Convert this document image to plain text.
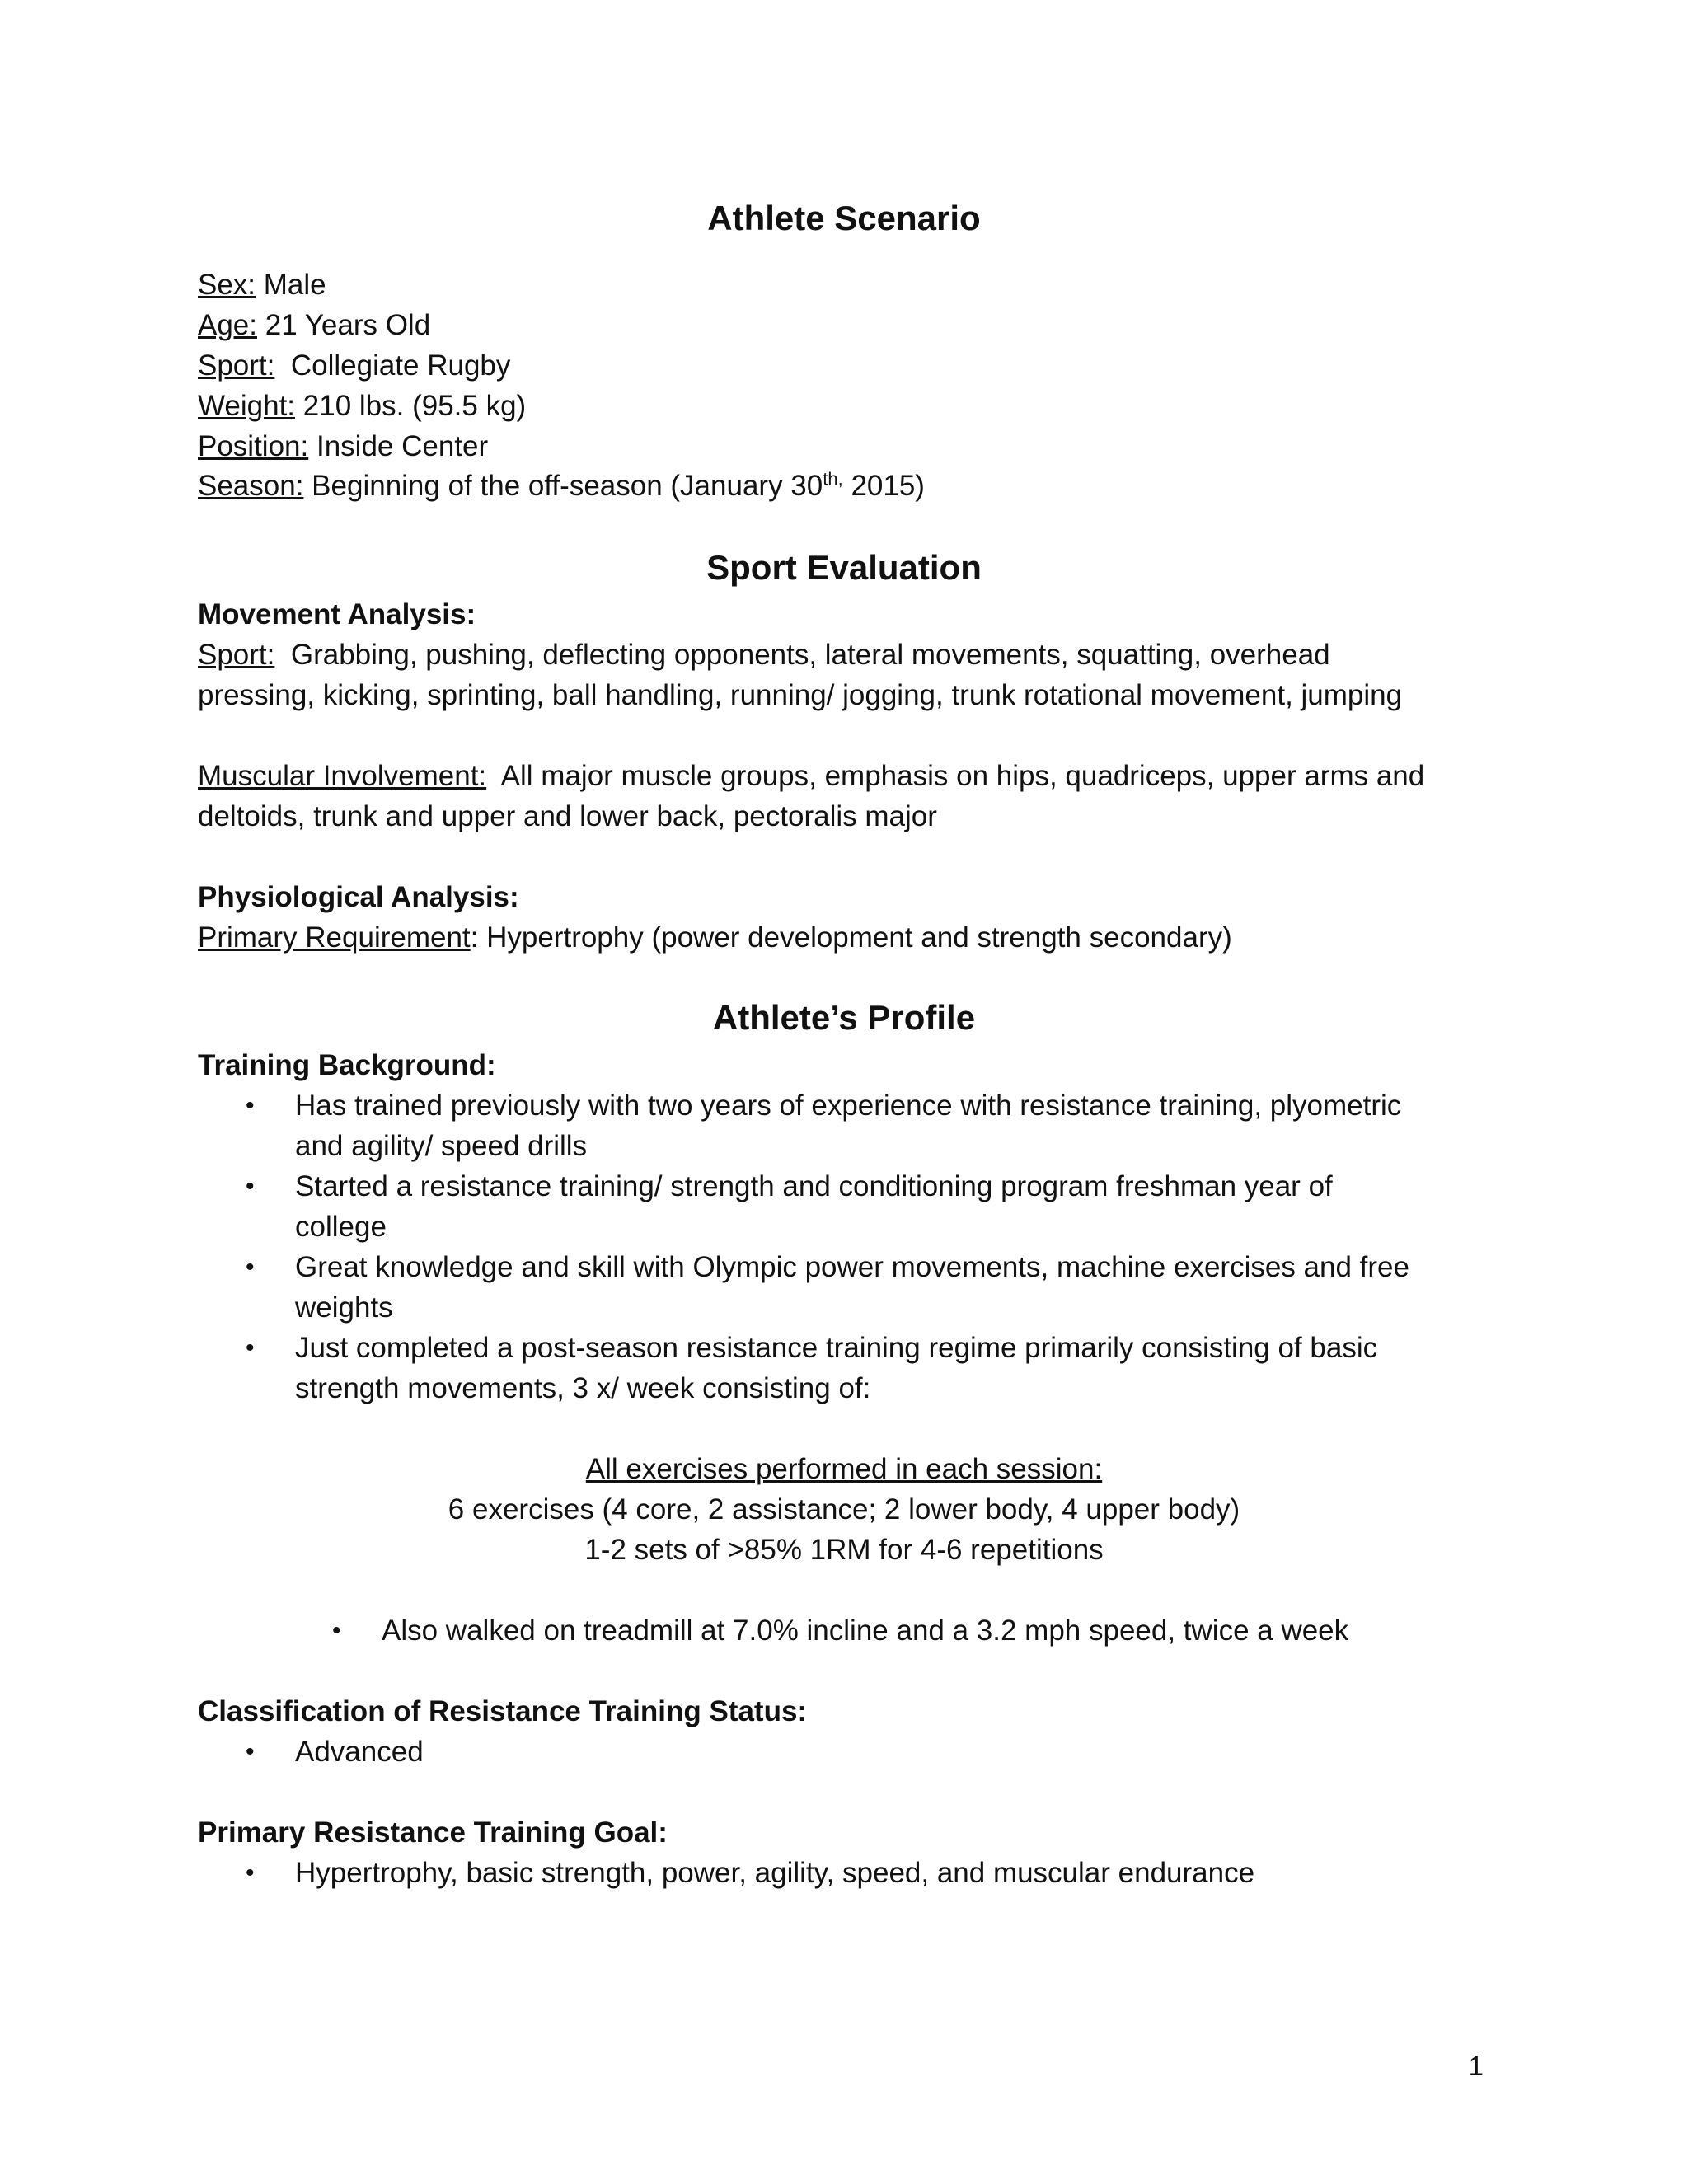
Athlete Scenario
Sex: Male
Age: 21 Years Old
Sport: Collegiate Rugby
Weight: 210 lbs. (95.5 kg)
Position: Inside Center
Season: Beginning of the off-season (January $30^{th,}$ 2015)
Sport Evaluation
Movement Analysis:
Sport: Grabbing, pushing, deflecting opponents, lateral movements, squatting, overhead
pressing, kicking, sprinting, ball handling, running/ jogging, trunk rotational movement, jumping
Muscular Involvement: All major muscle groups, emphasis on hips, quadriceps, upper arms and
deltoids, trunk and upper and lower back, pectoralis major
Physiological Analysis:
Primary Requirement: Hypertrophy (power development and strength secondary)
Athlete’s Profile
Training Background:
• Has trained previously with two years of experience with resistance training, plyometric
and agility/ speed drills
• Started a resistance training/ strength and conditioning program freshman year of
college
• Great knowledge and skill with Olympic power movements, machine exercises and free
weights
• Just completed a post-season resistance training regime primarily consisting of basic
strength movements, 3 x/ week consisting of:
All exercises performed in each session:
6 exercises (4 core, 2 assistance; 2 lower body, 4 upper body)
1-2 sets of >85% 1RM for 4-6 repetitions
• Also walked on treadmill at 7.0% incline and a 3.2 mph speed, twice a week
Classification of Resistance Training Status:
• Advanced
Primary Resistance Training Goal:
• Hypertrophy, basic strength, power, agility, speed, and muscular endurance
1
